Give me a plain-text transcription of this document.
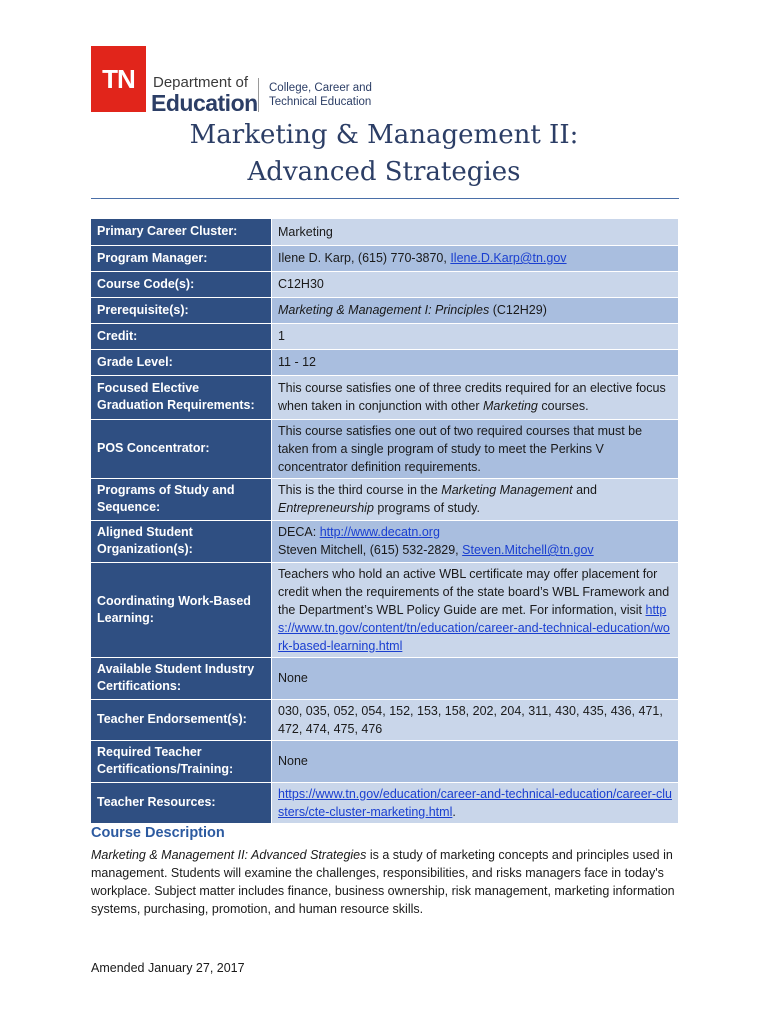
TN	Department of
Education
College, Career and
Technical Education
Marketing & Management II:
Advanced Strategies
Primary Career Cluster:	Marketing
Program Manager:	Ilene D. Karp, (615) 770-3870, Ilene.D.Karp@tn.gov
Course Code(s):	C12H30
Prerequisite(s):	Marketing & Management I: Principles (C12H29)
Credit:	1
Grade Level:	11 - 12
Focused Elective Graduation Requirements:	This course satisfies one of three credits required for an elective focus when taken in conjunction with other Marketing courses.
POS Concentrator:	This course satisfies one out of two required courses that must be taken from a single program of study to meet the Perkins V concentrator definition requirements.
Programs of Study and Sequence:	This is the third course in the Marketing Management and Entrepreneurship programs of study.
Aligned Student Organization(s):	DECA: http://www.decatn.org
Steven Mitchell, (615) 532-2829, Steven.Mitchell@tn.gov
Coordinating Work-Based Learning:	Teachers who hold an active WBL certificate may offer placement for credit when the requirements of the state board’s WBL Framework and the Department’s WBL Policy Guide are met. For information, visit https://www.tn.gov/content/tn/education/career-and-technical-education/work-based-learning.html
Available Student Industry Certifications:	None
Teacher Endorsement(s):	030, 035, 052, 054, 152, 153, 158, 202, 204, 311, 430, 435, 436, 471, 472, 474, 475, 476
Required Teacher Certifications/Training:	None
Teacher Resources:	https://www.tn.gov/education/career-and-technical-education/career-clusters/cte-cluster-marketing.html.
Course Description
Marketing & Management II: Advanced Strategies is a study of marketing concepts and principles used in management. Students will examine the challenges, responsibilities, and risks managers face in today's workplace. Subject matter includes finance, business ownership, risk management, marketing information systems, purchasing, promotion, and human resource skills.
Amended January 27, 2017
